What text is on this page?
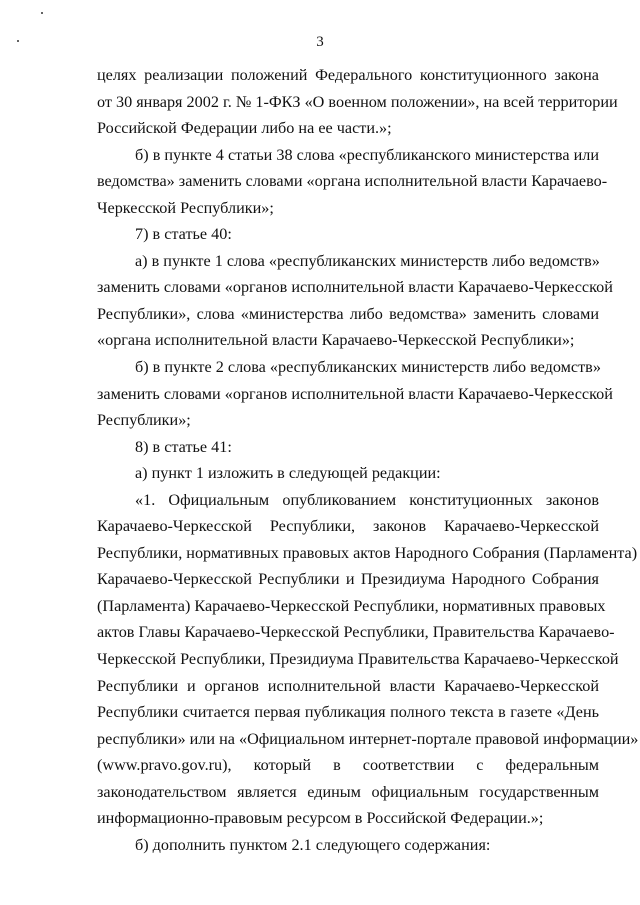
3
целях реализации положений Федерального конституционного закона
от 30 января 2002 г. № 1-ФКЗ «О военном положении», на всей территории
Российской Федерации либо на ее части.»;
б) в пункте 4 статьи 38 слова «республиканского министерства или
ведомства» заменить словами «органа исполнительной власти Карачаево-
Черкесской Республики»;
7) в статье 40:
а) в пункте 1 слова «республиканских министерств либо ведомств»
заменить словами «органов исполнительной власти Карачаево-Черкесской
Республики», слова «министерства либо ведомства» заменить словами
«органа исполнительной власти Карачаево-Черкесской Республики»;
б) в пункте 2 слова «республиканских министерств либо ведомств»
заменить словами «органов исполнительной власти Карачаево-Черкесской
Республики»;
8) в статье 41:
а) пункт 1 изложить в следующей редакции:
«1. Официальным опубликованием конституционных законов
Карачаево-Черкесской Республики, законов Карачаево-Черкесской
Республики, нормативных правовых актов Народного Собрания (Парламента)
Карачаево-Черкесской Республики и Президиума Народного Собрания
(Парламента) Карачаево-Черкесской Республики, нормативных правовых
актов Главы Карачаево-Черкесской Республики, Правительства Карачаево-
Черкесской Республики, Президиума Правительства Карачаево-Черкесской
Республики и органов исполнительной власти Карачаево-Черкесской
Республики считается первая публикация полного текста в газете «День
республики» или на «Официальном интернет-портале правовой информации»
(www.pravo.gov.ru), который в соответствии с федеральным
законодательством является единым официальным государственным
информационно-правовым ресурсом в Российской Федерации.»;
б) дополнить пунктом 2.1 следующего содержания:
